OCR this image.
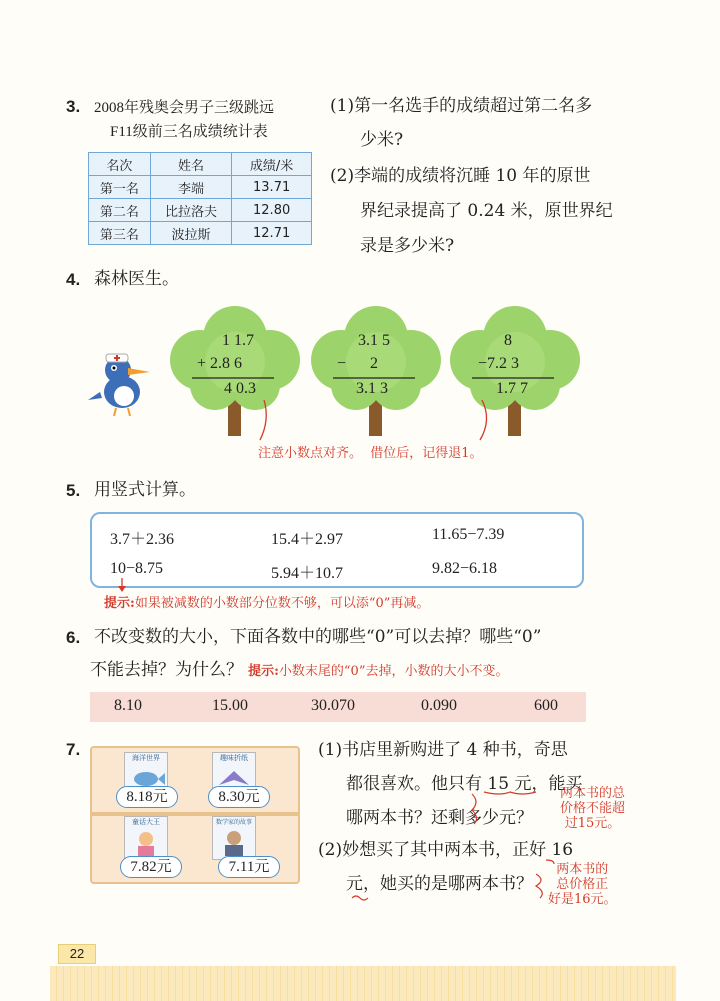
3. 2008年残奥会男子三级跳远
F11级前三名成绩统计表
名次	姓名	成绩/米
第一名	李端	13.71
第二名	比拉洛夫	12.80
第三名	波拉斯	12.71
(1)第一名选手的成绩超过第二名多
少米?
(2)李端的成绩将沉睡 10 年的原世
界纪录提高了 0.24 米，原世界纪
录是多少米?
4. 森林医生。
1 1.7
+ 2.8 6
4 0.3
3.1 5
−      2
3.1 3
8
−7.2 3
1.7 7
注意小数点对齐。  借位后，记得退1。
5. 用竖式计算。
3.7＋2.36	15.4＋2.97	11.65−7.39
10−8.75	5.94＋10.7	9.82−6.18
提示:如果被减数的小数部分位数不够，可以添“0”再减。
6. 不改变数的大小，下面各数中的哪些“0”可以去掉？哪些“0”
不能去掉？为什么？ 提示:小数末尾的“0”去掉，小数的大小不变。
8.10	15.00	30.070	0.090	600
7.	海洋世界
8.18元
趣味折纸
8.30元
童话大王
7.82元
数学家的故事
7.11元
(1)书店里新购进了 4 种书，奇思
都很喜欢。他只有 15 元，能买
哪两本书？还剩多少元？
两本书的总
价格不能超
过15元。
(2)妙想买了其中两本书，正好 16
元，她买的是哪两本书？
两本书的
总价格正
好是16元。
22
